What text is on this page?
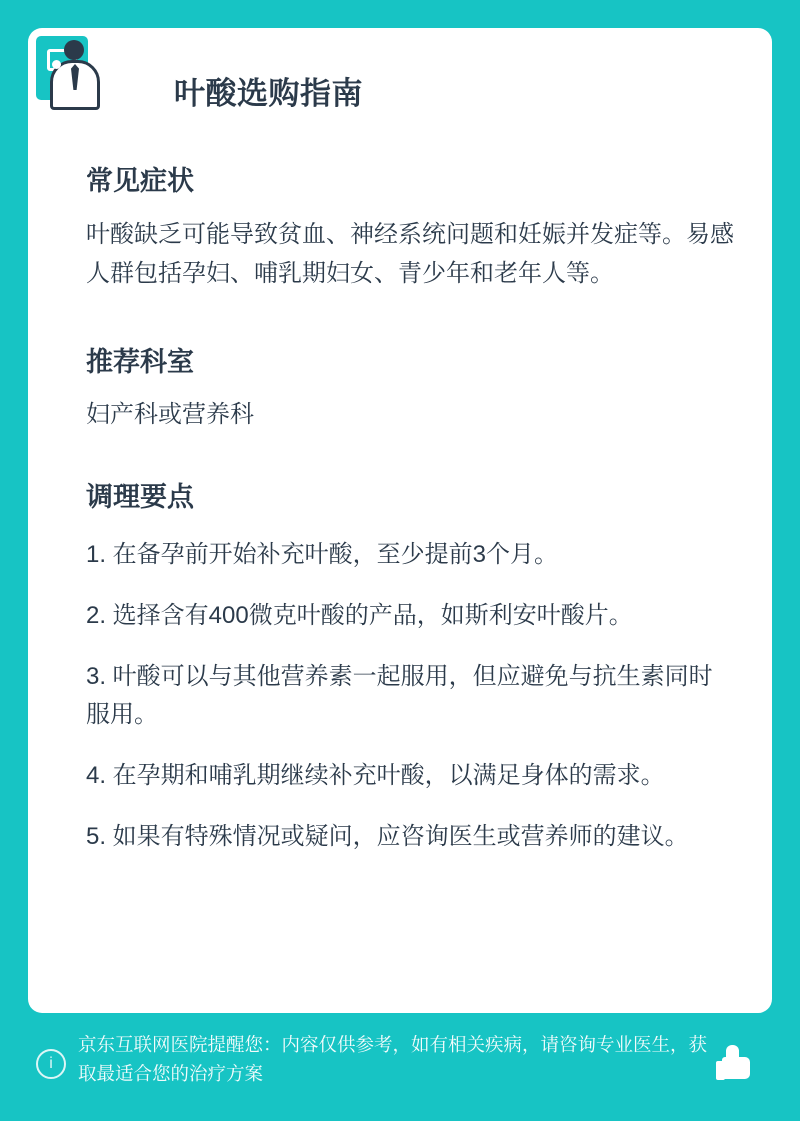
叶酸选购指南
常见症状

叶酸缺乏可能导致贫血、神经系统问题和妊娠并发症等。易感人群包括孕妇、哺乳期妇女、青少年和老年人等。

推荐科室

妇产科或营养科

调理要点
1. 在备孕前开始补充叶酸，至少提前3个月。
2. 选择含有400微克叶酸的产品，如斯利安叶酸片。
3. 叶酸可以与其他营养素一起服用，但应避免与抗生素同时服用。
4. 在孕期和哺乳期继续补充叶酸，以满足身体的需求。
5. 如果有特殊情况或疑问，应咨询医生或营养师的建议。
i
京东互联网医院提醒您：内容仅供参考，如有相关疾病，请咨询专业医生，获取最适合您的治疗方案
